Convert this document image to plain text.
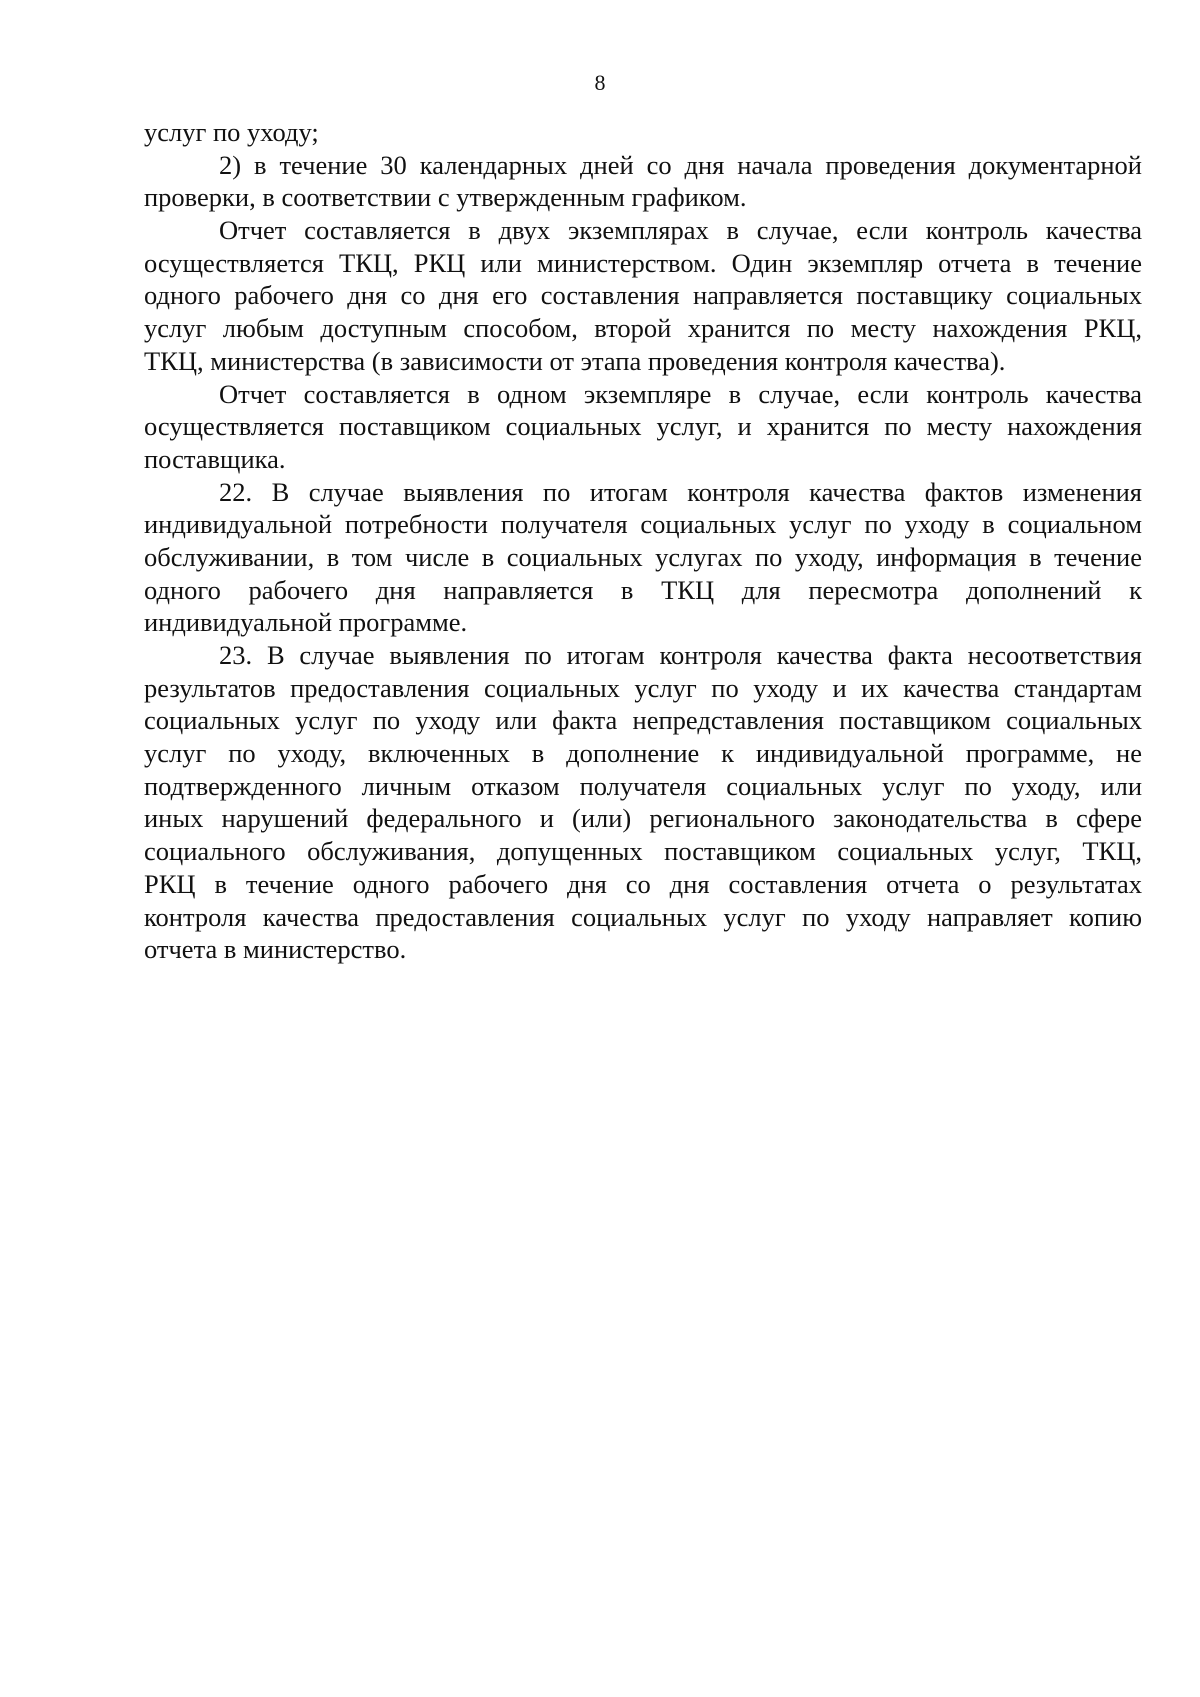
8
услуг по уходу;
2) в течение 30 календарных дней со дня начала проведения документарной
проверки, в соответствии с утвержденным графиком.
Отчет составляется в двух экземплярах в случае, если контроль качества
осуществляется ТКЦ, РКЦ или министерством. Один экземпляр отчета в течение
одного рабочего дня со дня его составления направляется поставщику социальных
услуг любым доступным способом, второй хранится по месту нахождения РКЦ,
ТКЦ, министерства (в зависимости от этапа проведения контроля качества).
Отчет составляется в одном экземпляре в случае, если контроль качества
осуществляется поставщиком социальных услуг, и хранится по месту нахождения
поставщика.
22. В случае выявления по итогам контроля качества фактов изменения
индивидуальной потребности получателя социальных услуг по уходу в социальном
обслуживании, в том числе в социальных услугах по уходу, информация в течение
одного рабочего дня направляется в ТКЦ для пересмотра дополнений к
индивидуальной программе.
23. В случае выявления по итогам контроля качества факта несоответствия
результатов предоставления социальных услуг по уходу и их качества стандартам
социальных услуг по уходу или факта непредставления поставщиком социальных
услуг по уходу, включенных в дополнение к индивидуальной программе, не
подтвержденного личным отказом получателя социальных услуг по уходу, или
иных нарушений федерального и (или) регионального законодательства в сфере
социального обслуживания, допущенных поставщиком социальных услуг, ТКЦ,
РКЦ в течение одного рабочего дня со дня составления отчета о результатах
контроля качества предоставления социальных услуг по уходу направляет копию
отчета в министерство.
